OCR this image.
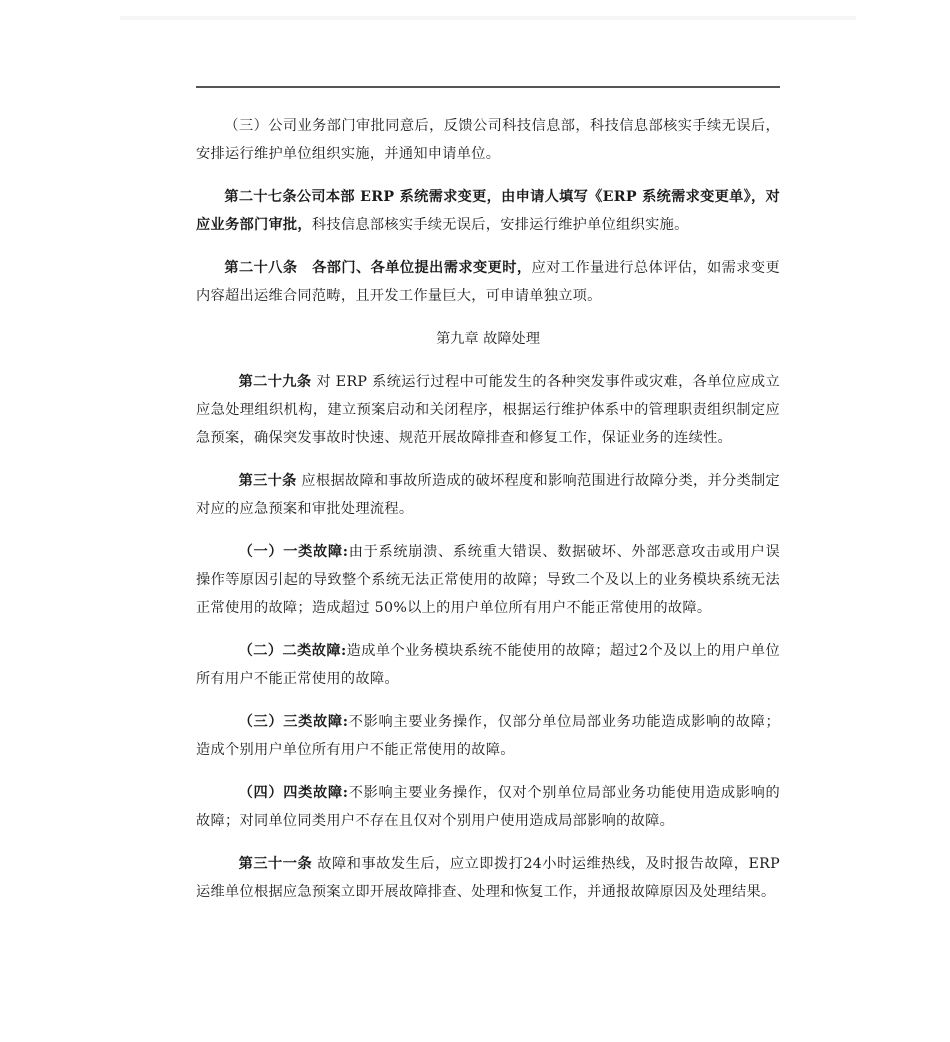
（三）公司业务部门审批同意后，反馈公司科技信息部，科技信息部核实手续无误后，安排运行维护单位组织实施，并通知申请单位。

第二十七条公司本部 ERP 系统需求变更，由申请人填写《ERP 系统需求变更单》，对应业务部门审批，科技信息部核实手续无误后，安排运行维护单位组织实施。

第二十八条　各部门、各单位提出需求变更时，应对工作量进行总体评估，如需求变更内容超出运维合同范畴，且开发工作量巨大，可申请单独立项。

第九章 故障处理

第二十九条 对 ERP 系统运行过程中可能发生的各种突发事件或灾难，各单位应成立应急处理组织机构，建立预案启动和关闭程序，根据运行维护体系中的管理职责组织制定应急预案，确保突发事故时快速、规范开展故障排查和修复工作，保证业务的连续性。

第三十条 应根据故障和事故所造成的破坏程度和影响范围进行故障分类，并分类制定对应的应急预案和审批处理流程。

（一）一类故障:由于系统崩溃、系统重大错误、数据破坏、外部恶意攻击或用户误操作等原因引起的导致整个系统无法正常使用的故障；导致二个及以上的业务模块系统无法正常使用的故障；造成超过 50%以上的用户单位所有用户不能正常使用的故障。

（二）二类故障:造成单个业务模块系统不能使用的故障；超过2个及以上的用户单位所有用户不能正常使用的故障。

（三）三类故障:不影响主要业务操作，仅部分单位局部业务功能造成影响的故障；造成个别用户单位所有用户不能正常使用的故障。

（四）四类故障:不影响主要业务操作，仅对个别单位局部业务功能使用造成影响的故障；对同单位同类用户不存在且仅对个别用户使用造成局部影响的故障。

第三十一条 故障和事故发生后，应立即拨打24小时运维热线，及时报告故障，ERP 运维单位根据应急预案立即开展故障排查、处理和恢复工作，并通报故障原因及处理结果。
